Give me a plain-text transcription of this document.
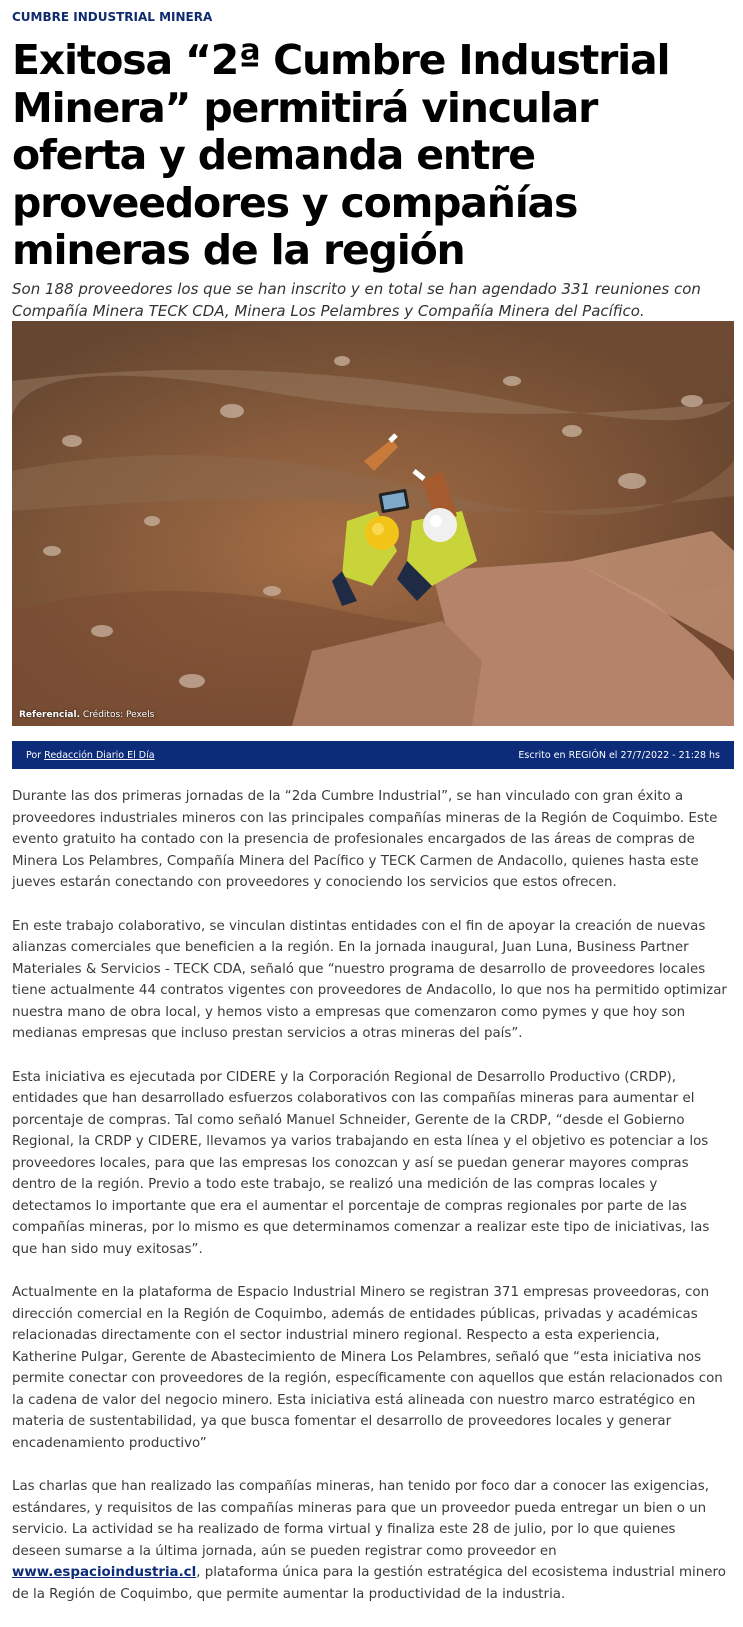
CUMBRE INDUSTRIAL MINERA
Exitosa “2ª Cumbre Industrial Minera” permitirá vincular oferta y demanda entre proveedores y compañías mineras de la región
Son 188 proveedores los que se han inscrito y en total se han agendado 331 reuniones con Compañía Minera TECK CDA, Minera Los Pelambres y Compañía Minera del Pacífico.
Referencial. Créditos: Pexels
Por Redacción Diario El Día	Escrito en REGIÓN el 27/7/2022 - 21:28 hs

Durante las dos primeras jornadas de la “2da Cumbre Industrial”, se han vinculado con gran éxito a proveedores industriales mineros con las principales compañías mineras de la Región de Coquimbo. Este evento gratuito ha contado con la presencia de profesionales encargados de las áreas de compras de Minera Los Pelambres, Compañía Minera del Pacífico y TECK Carmen de Andacollo, quienes hasta este jueves estarán conectando con proveedores y conociendo los servicios que estos ofrecen.

En este trabajo colaborativo, se vinculan distintas entidades con el fin de apoyar la creación de nuevas alianzas comerciales que beneficien a la región. En la jornada inaugural, Juan Luna, Business Partner Materiales & Servicios - TECK CDA, señaló que “nuestro programa de desarrollo de proveedores locales tiene actualmente 44 contratos vigentes con proveedores de Andacollo, lo que nos ha permitido optimizar nuestra mano de obra local, y hemos visto a empresas que comenzaron como pymes y que hoy son medianas empresas que incluso prestan servicios a otras mineras del país”.

Esta iniciativa es ejecutada por CIDERE y la Corporación Regional de Desarrollo Productivo (CRDP), entidades que han desarrollado esfuerzos colaborativos con las compañías mineras para aumentar el porcentaje de compras. Tal como señaló Manuel Schneider, Gerente de la CRDP, “desde el Gobierno Regional, la CRDP y CIDERE, llevamos ya varios trabajando en esta línea y el objetivo es potenciar a los proveedores locales, para que las empresas los conozcan y así se puedan generar mayores compras dentro de la región. Previo a todo este trabajo, se realizó una medición de las compras locales y detectamos lo importante que era el aumentar el porcentaje de compras regionales por parte de las compañías mineras, por lo mismo es que determinamos comenzar a realizar este tipo de iniciativas, las que han sido muy exitosas”.

Actualmente en la plataforma de Espacio Industrial Minero se registran 371 empresas proveedoras, con dirección comercial en la Región de Coquimbo, además de entidades públicas, privadas y académicas relacionadas directamente con el sector industrial minero regional. Respecto a esta experiencia, Katherine Pulgar, Gerente de Abastecimiento de Minera Los Pelambres, señaló que “esta iniciativa nos permite conectar con proveedores de la región, específicamente con aquellos que están relacionados con la cadena de valor del negocio minero. Esta iniciativa está alineada con nuestro marco estratégico en materia de sustentabilidad, ya que busca fomentar el desarrollo de proveedores locales y generar encadenamiento productivo”

Las charlas que han realizado las compañías mineras, han tenido por foco dar a conocer las exigencias, estándares, y requisitos de las compañías mineras para que un proveedor pueda entregar un bien o un servicio. La actividad se ha realizado de forma virtual y finaliza este 28 de julio, por lo que quienes deseen sumarse a la última jornada, aún se pueden registrar como proveedor en www.espacioindustria.cl, plataforma única para la gestión estratégica del ecosistema industrial minero de la Región de Coquimbo, que permite aumentar la productividad de la industria.
